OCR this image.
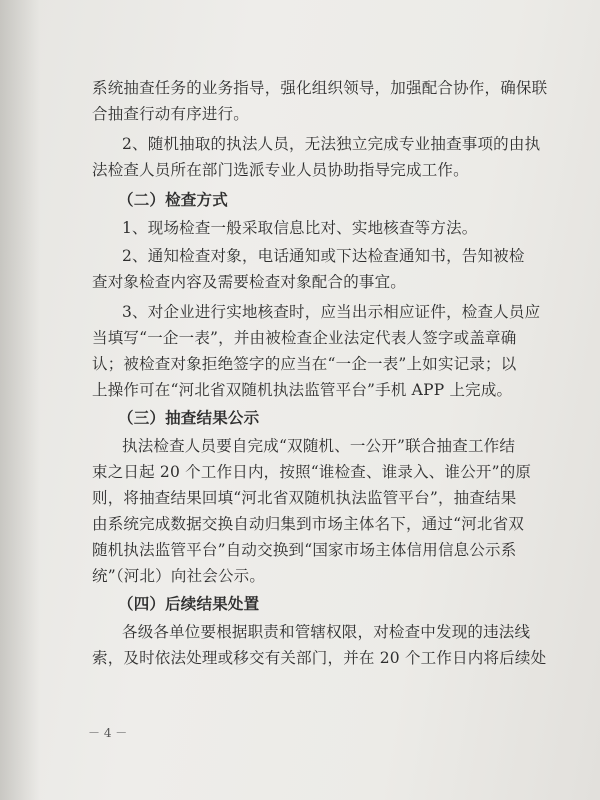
系统抽查任务的业务指导，强化组织领导，加强配合协作，确保联
合抽查行动有序进行。
2、随机抽取的执法人员，无法独立完成专业抽查事项的由执
法检查人员所在部门选派专业人员协助指导完成工作。
（二）检查方式
1、现场检查一般采取信息比对、实地核查等方法。
2、通知检查对象，电话通知或下达检查通知书，告知被检
查对象检查内容及需要检查对象配合的事宜。
3、对企业进行实地核查时，应当出示相应证件，检查人员应
当填写“一企一表”，并由被检查企业法定代表人签字或盖章确
认；被检查对象拒绝签字的应当在“一企一表”上如实记录；以
上操作可在“河北省双随机执法监管平台”手机 APP 上完成。
（三）抽查结果公示
执法检查人员要自完成“双随机、一公开”联合抽查工作结
束之日起 20 个工作日内，按照“谁检查、谁录入、谁公开”的原
则，将抽查结果回填“河北省双随机执法监管平台”，抽查结果
由系统完成数据交换自动归集到市场主体名下，通过“河北省双
随机执法监管平台”自动交换到“国家市场主体信用信息公示系
统”（河北）向社会公示。
（四）后续结果处置
各级各单位要根据职责和管辖权限，对检查中发现的违法线
索，及时依法处理或移交有关部门，并在 20 个工作日内将后续处
－ 4 －
